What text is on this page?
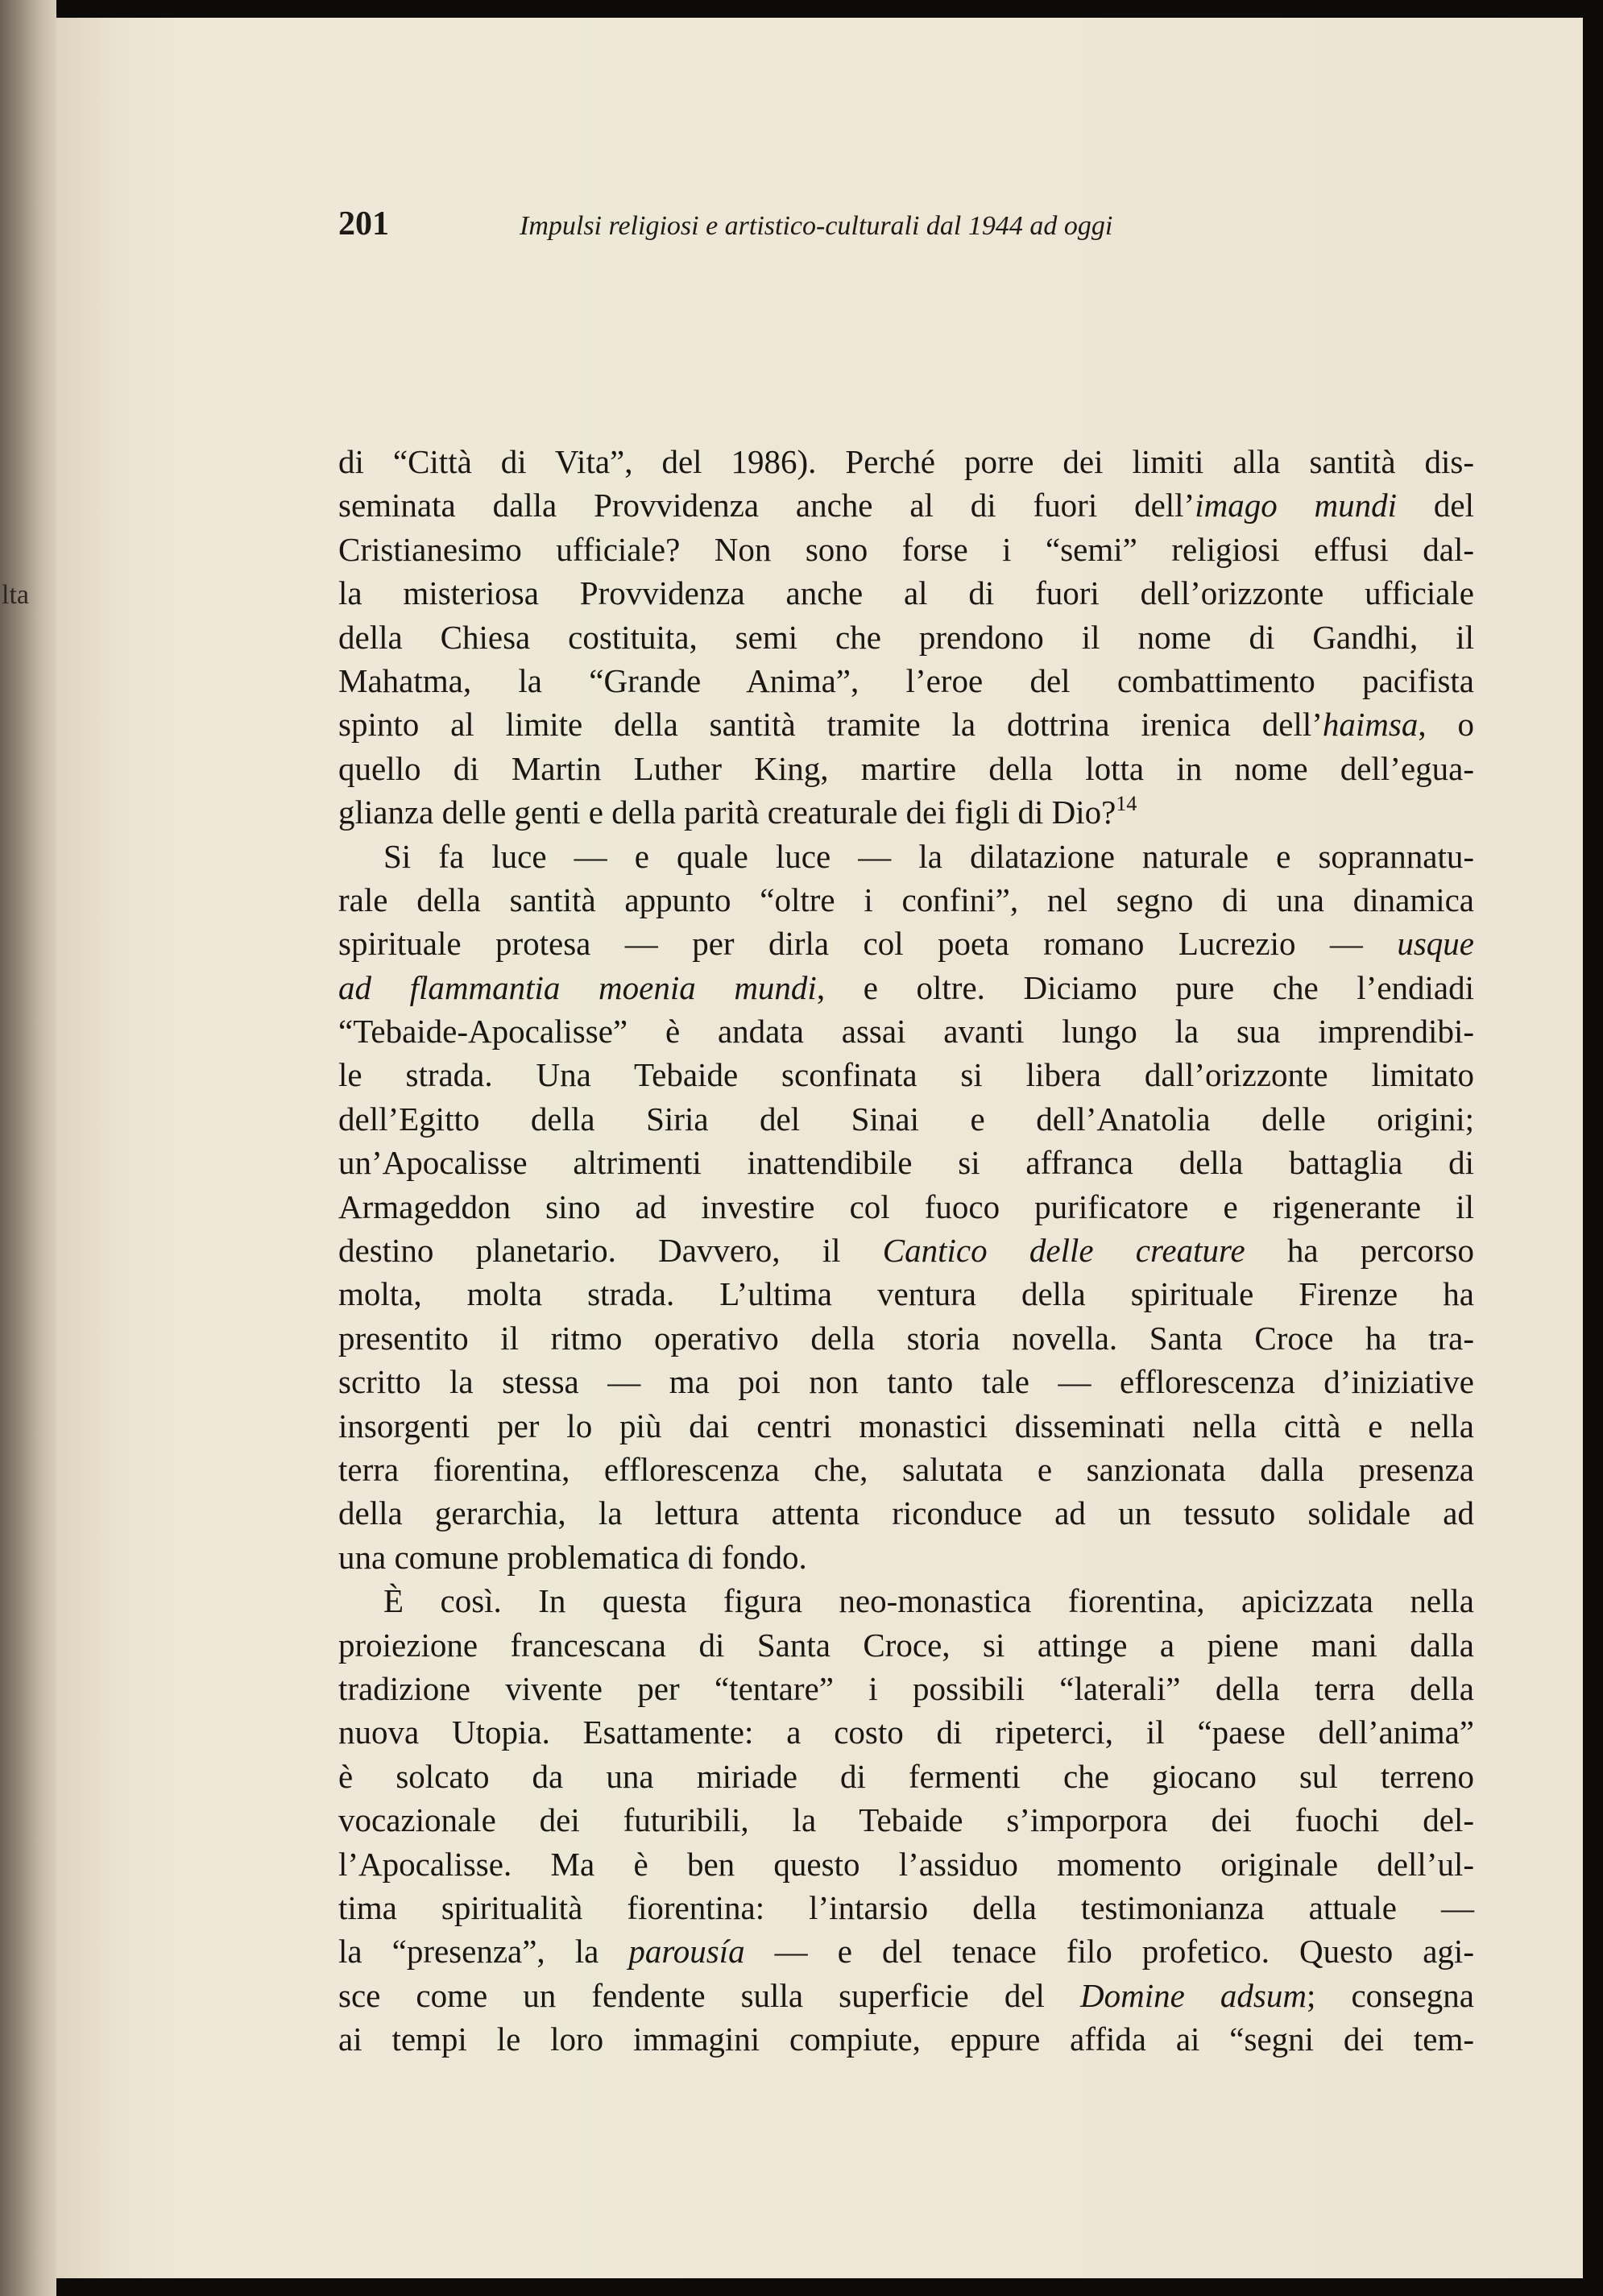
lta
201	Impulsi religiosi e artistico-culturali dal 1944 ad oggi
di “Città di Vita”, del 1986). Perché porre dei limiti alla santità dis-
seminata dalla Provvidenza anche al di fuori dell’imago mundi del
Cristianesimo ufficiale? Non sono forse i “semi” religiosi effusi dal-
la misteriosa Provvidenza anche al di fuori dell’orizzonte ufficiale
della Chiesa costituita, semi che prendono il nome di Gandhi, il
Mahatma, la “Grande Anima”, l’eroe del combattimento pacifista
spinto al limite della santità tramite la dottrina irenica dell’haimsa, o
quello di Martin Luther King, martire della lotta in nome dell’egua-
glianza delle genti e della parità creaturale dei figli di Dio?$^{14}$
Si fa luce — e quale luce — la dilatazione naturale e soprannatu-
rale della santità appunto “oltre i confini”, nel segno di una dinamica
spirituale protesa — per dirla col poeta romano Lucrezio — usque
ad flammantia moenia mundi, e oltre. Diciamo pure che l’endiadi
“Tebaide-Apocalisse” è andata assai avanti lungo la sua imprendibi-
le strada. Una Tebaide sconfinata si libera dall’orizzonte limitato
dell’Egitto della Siria del Sinai e dell’Anatolia delle origini;
un’Apocalisse altrimenti inattendibile si affranca della battaglia di
Armageddon sino ad investire col fuoco purificatore e rigenerante il
destino planetario. Davvero, il Cantico delle creature ha percorso
molta, molta strada. L’ultima ventura della spirituale Firenze ha
presentito il ritmo operativo della storia novella. Santa Croce ha tra-
scritto la stessa — ma poi non tanto tale — efflorescenza d’iniziative
insorgenti per lo più dai centri monastici disseminati nella città e nella
terra fiorentina, efflorescenza che, salutata e sanzionata dalla presenza
della gerarchia, la lettura attenta riconduce ad un tessuto solidale ad
una comune problematica di fondo.
È così. In questa figura neo-monastica fiorentina, apicizzata nella
proiezione francescana di Santa Croce, si attinge a piene mani dalla
tradizione vivente per “tentare” i possibili “laterali” della terra della
nuova Utopia. Esattamente: a costo di ripeterci, il “paese dell’anima”
è solcato da una miriade di fermenti che giocano sul terreno
vocazionale dei futuribili, la Tebaide s’imporpora dei fuochi del-
l’Apocalisse. Ma è ben questo l’assiduo momento originale dell’ul-
tima spiritualità fiorentina: l’intarsio della testimonianza attuale —
la “presenza”, la parousía — e del tenace filo profetico. Questo agi-
sce come un fendente sulla superficie del Domine adsum; consegna
ai tempi le loro immagini compiute, eppure affida ai “segni dei tem-
